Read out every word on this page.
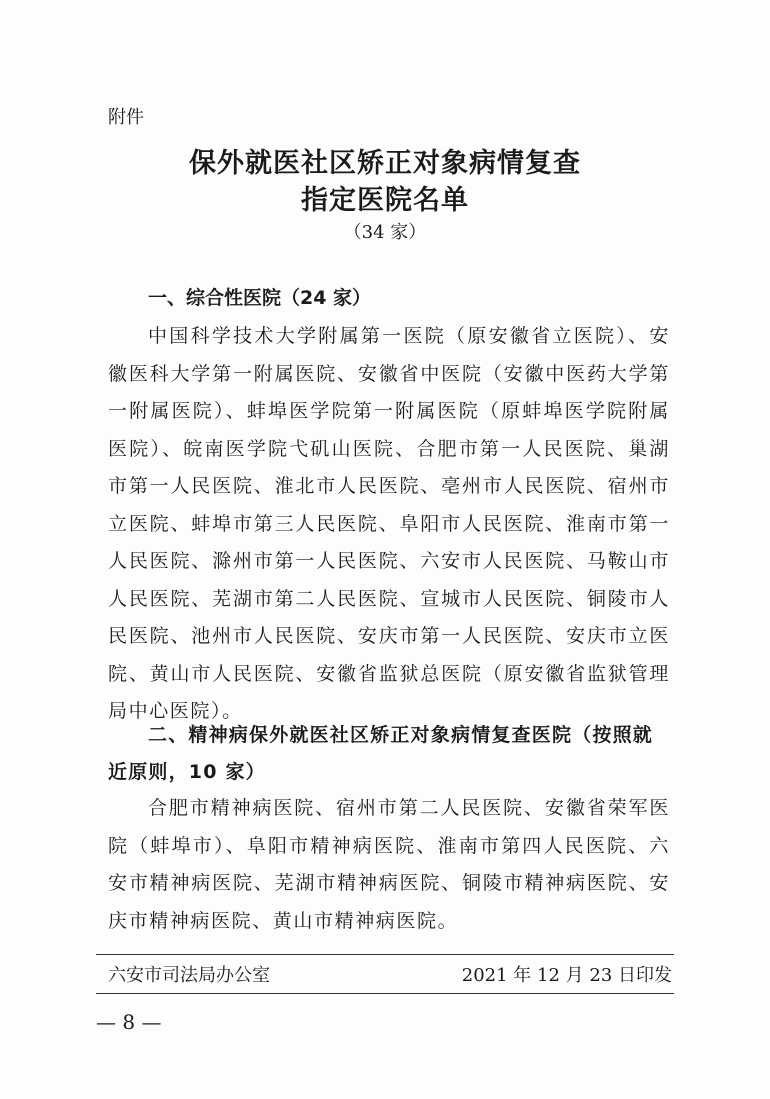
附件
保外就医社区矫正对象病情复查
指定医院名单
（34 家）
一、综合性医院（24 家）
中国科学技术大学附属第一医院（原安徽省立医院）、安徽医科大学第一附属医院、安徽省中医院（安徽中医药大学第一附属医院）、蚌埠医学院第一附属医院（原蚌埠医学院附属医院）、皖南医学院弋矶山医院、合肥市第一人民医院、巢湖市第一人民医院、淮北市人民医院、亳州市人民医院、宿州市立医院、蚌埠市第三人民医院、阜阳市人民医院、淮南市第一人民医院、滁州市第一人民医院、六安市人民医院、马鞍山市人民医院、芜湖市第二人民医院、宣城市人民医院、铜陵市人民医院、池州市人民医院、安庆市第一人民医院、安庆市立医院、黄山市人民医院、安徽省监狱总医院（原安徽省监狱管理局中心医院）。
二、精神病保外就医社区矫正对象病情复查医院（按照就近原则，10 家）
合肥市精神病医院、宿州市第二人民医院、安徽省荣军医院（蚌埠市）、阜阳市精神病医院、淮南市第四人民医院、六安市精神病医院、芜湖市精神病医院、铜陵市精神病医院、安庆市精神病医院、黄山市精神病医院。
六安市司法局办公室	2021 年 12 月 23 日印发
— 8 —
